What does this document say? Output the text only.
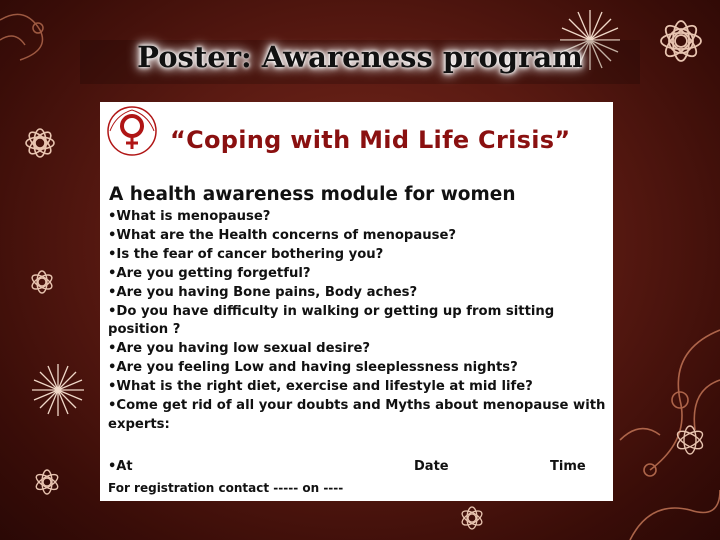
Poster: Awareness program
“Coping with Mid Life Crisis”
A health awareness module for women
•What is menopause?
•What are the Health concerns of menopause?
•Is the fear of cancer bothering you?
•Are you getting forgetful?
•Are you having Bone pains, Body aches?
•Do you have difficulty in walking or getting up from sitting position ?
•Are you having low sexual desire?
•Are you feeling Low and having sleeplessness nights?
•What is the right diet, exercise and lifestyle at mid life?
•Come get rid of all your doubts and Myths about menopause with experts:
•At	Date	Time
For registration contact ----- on ----
